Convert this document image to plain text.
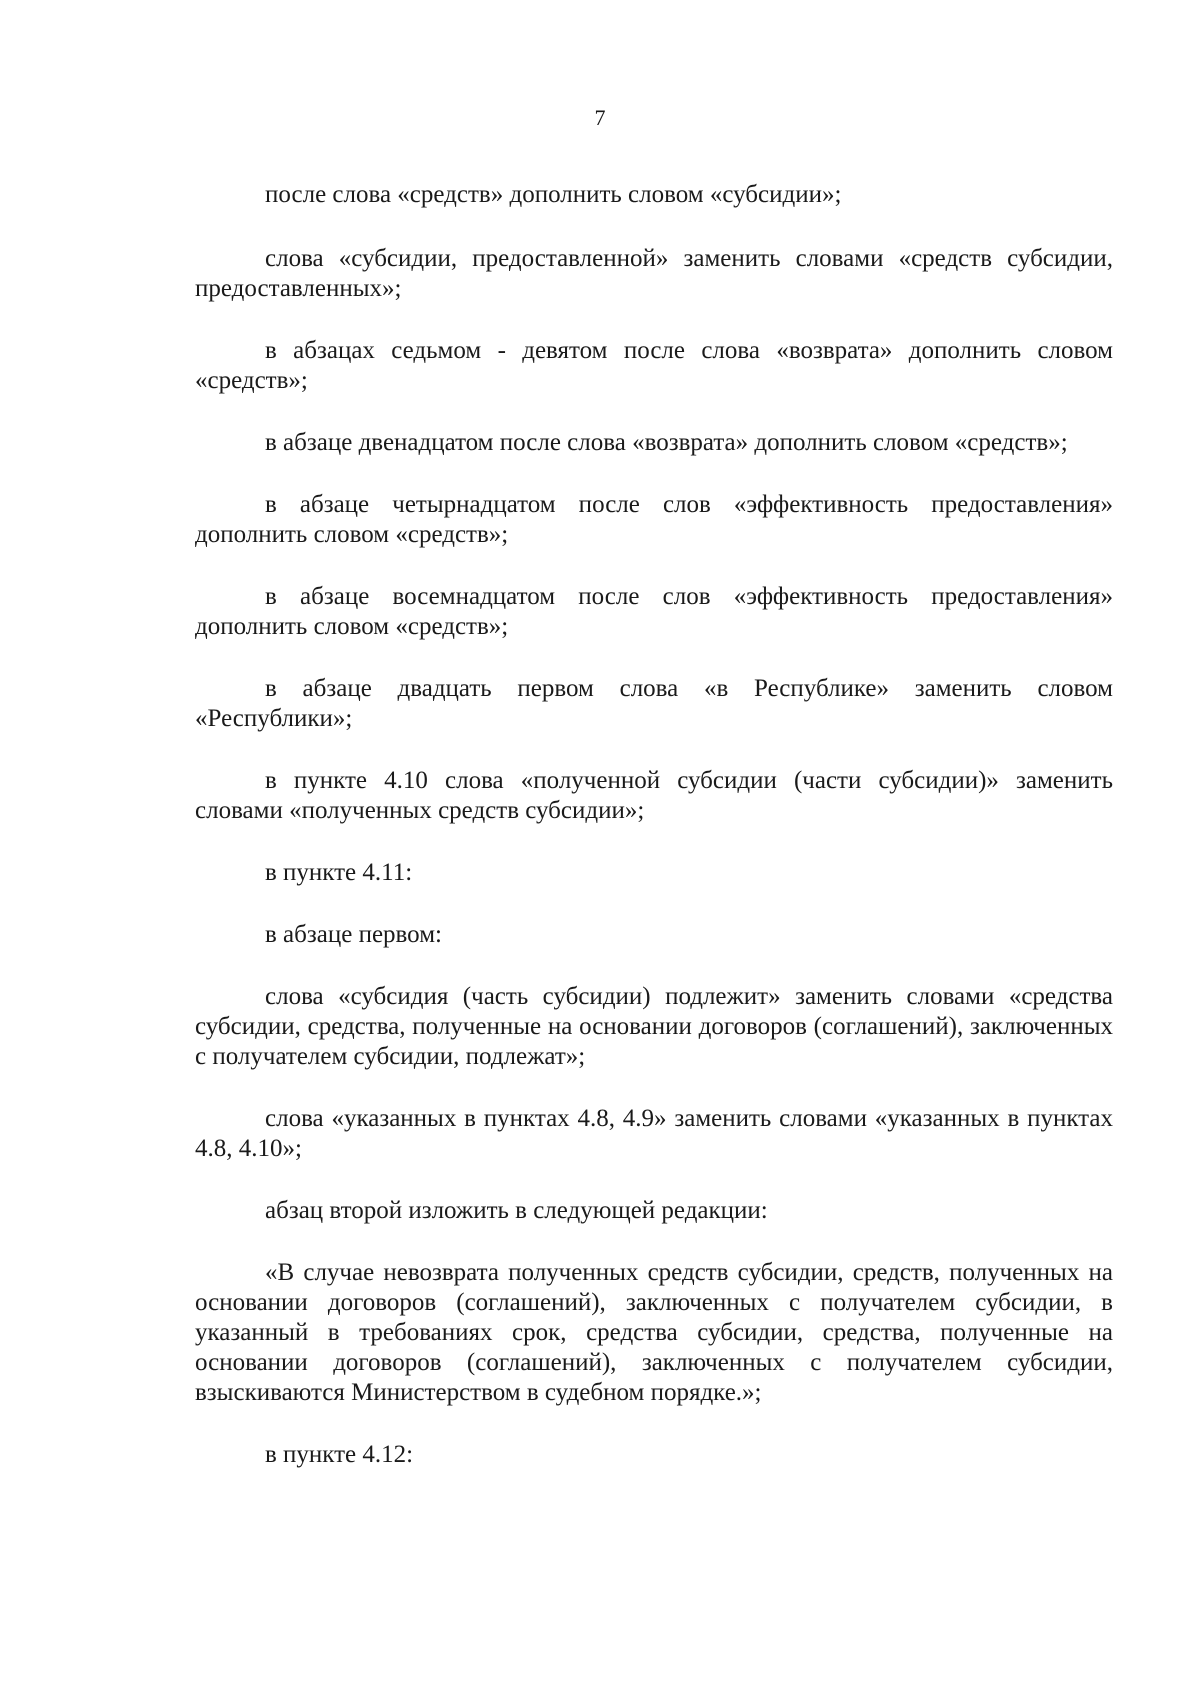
7

после слова «средств» дополнить словом «субсидии»;

слова «субсидии, предоставленной» заменить словами «средств субсидии, предоставленных»;

в абзацах седьмом - девятом после слова «возврата» дополнить словом «средств»;

в абзаце двенадцатом после слова «возврата» дополнить словом «средств»;

в абзаце четырнадцатом после слов «эффективность предоставления» дополнить словом «средств»;

в абзаце восемнадцатом после слов «эффективность предоставления» дополнить словом «средств»;

в абзаце двадцать первом слова «в Республике» заменить словом «Республики»;

в пункте 4.10 слова «полученной субсидии (части субсидии)» заменить словами «полученных средств субсидии»;

в пункте 4.11:

в абзаце первом:

слова «субсидия (часть субсидии) подлежит» заменить словами «средства субсидии, средства, полученные на основании договоров (соглашений), заключенных с получателем субсидии, подлежат»;

слова «указанных в пунктах 4.8, 4.9» заменить словами «указанных в пунктах 4.8, 4.10»;

абзац второй изложить в следующей редакции:

«В случае невозврата полученных средств субсидии, средств, полученных на основании договоров (соглашений), заключенных с получателем субсидии, в указанный в требованиях срок, средства субсидии, средства, полученные на основании договоров (соглашений), заключенных с получателем субсидии, взыскиваются Министерством в судебном порядке.»;

в пункте 4.12:
